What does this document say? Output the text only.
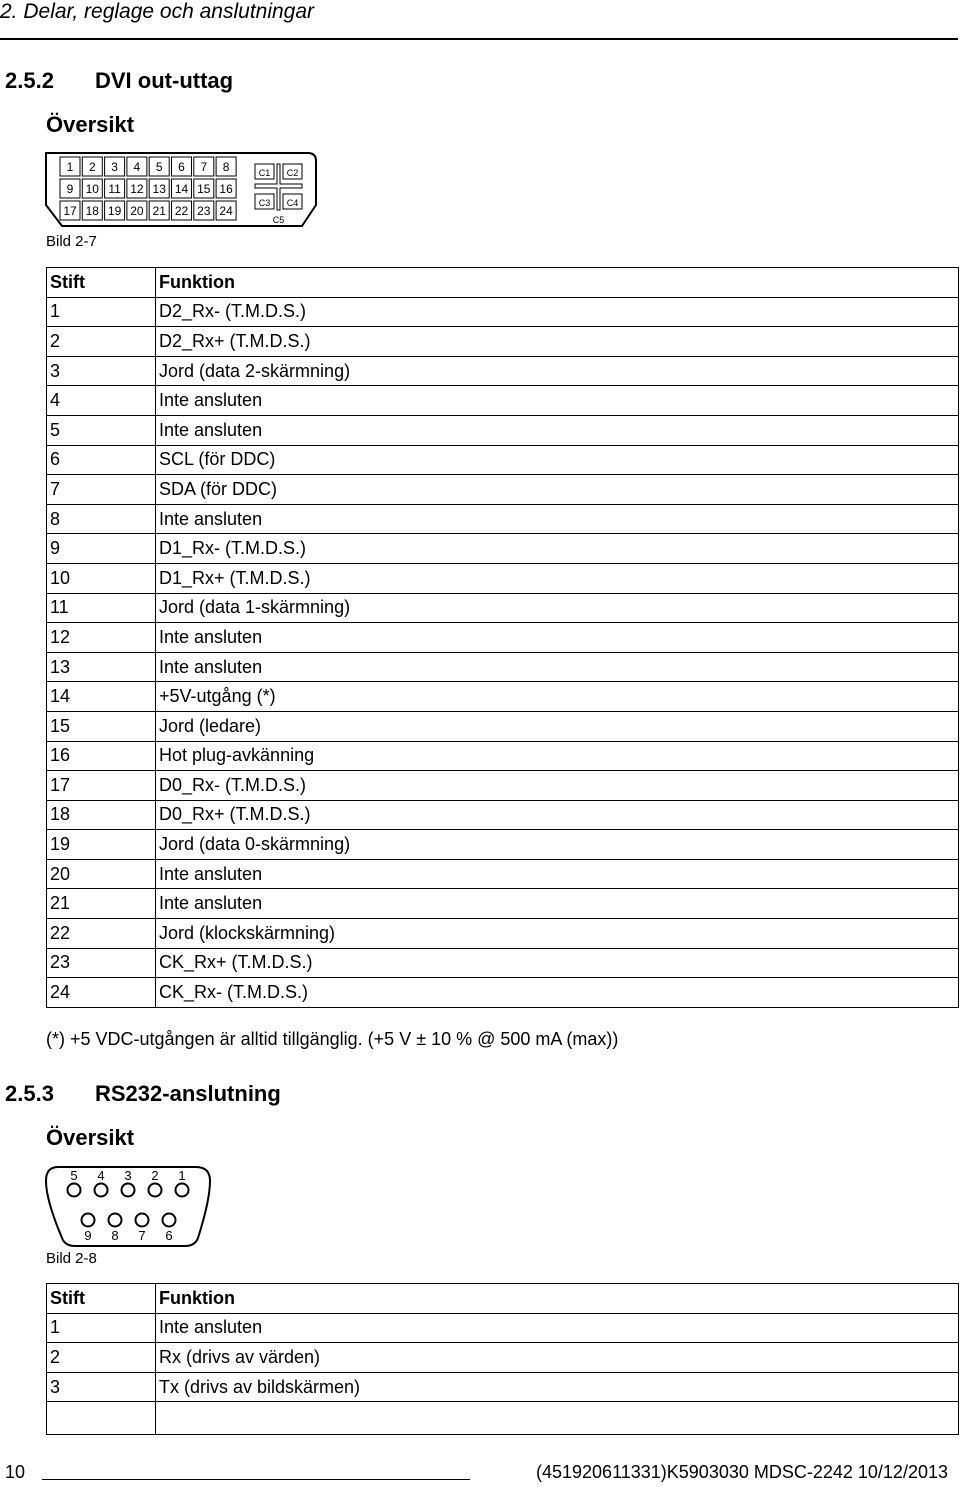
2. Delar, reglage och anslutningar
2.5.2 DVI out-uttag
Översikt
1 2 3 4 5 6 7 8
9 10 11 12 13 14 15 16
17 18 19 20 21 22 23 24
C1 C2
C3 C4
C5
Bild 2-7
Stift	Funktion
1	D2_Rx- (T.M.D.S.)
2	D2_Rx+ (T.M.D.S.)
3	Jord (data 2-skärmning)
4	Inte ansluten
5	Inte ansluten
6	SCL (för DDC)
7	SDA (för DDC)
8	Inte ansluten
9	D1_Rx- (T.M.D.S.)
10	D1_Rx+ (T.M.D.S.)
11	Jord (data 1-skärmning)
12	Inte ansluten
13	Inte ansluten
14	+5V-utgång (*)
15	Jord (ledare)
16	Hot plug-avkänning
17	D0_Rx- (T.M.D.S.)
18	D0_Rx+ (T.M.D.S.)
19	Jord (data 0-skärmning)
20	Inte ansluten
21	Inte ansluten
22	Jord (klockskärmning)
23	CK_Rx+ (T.M.D.S.)
24	CK_Rx- (T.M.D.S.)
(*) +5 VDC-utgången är alltid tillgänglig. (+5 V ± 10 % @ 500 mA (max))
2.5.3 RS232-anslutning
Översikt
5 4 3 2 1
9 8 7 6
Bild 2-8
Stift	Funktion
1	Inte ansluten
2	Rx (drivs av värden)
3	Tx (drivs av bildskärmen)
10	(451920611331)K5903030 MDSC-2242 10/12/2013
